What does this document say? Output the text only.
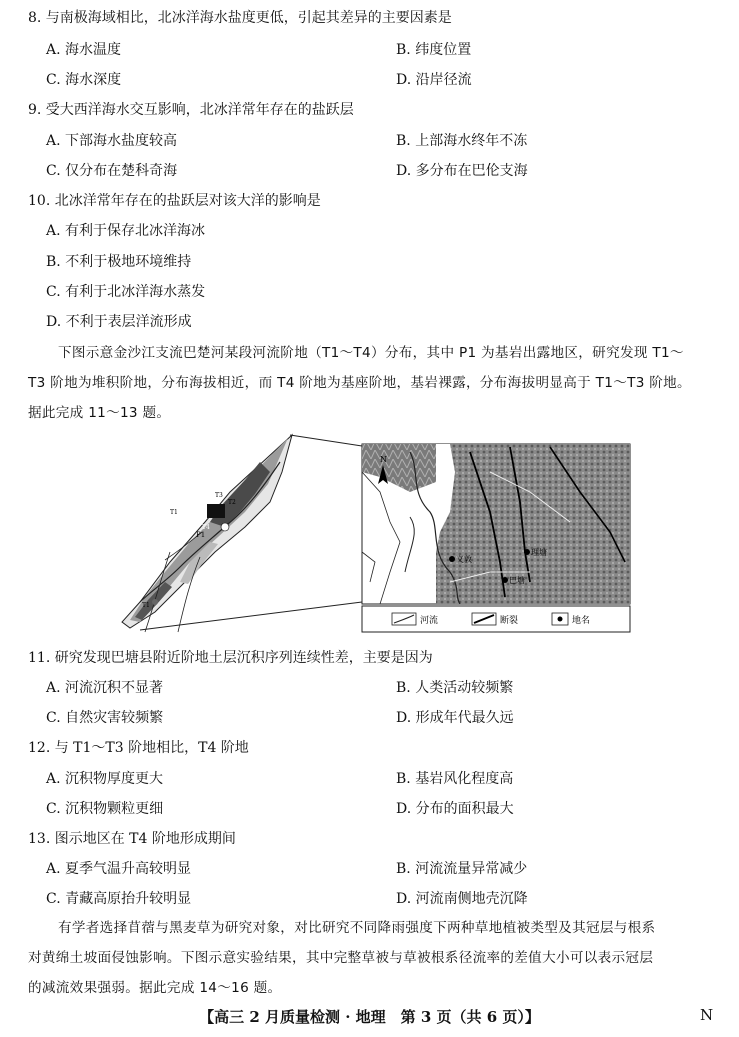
8. 与南极海域相比，北冰洋海水盐度更低，引起其差异的主要因素是
A. 海水温度	B. 纬度位置
C. 海水深度	D. 沿岸径流
9. 受大西洋海水交互影响，北冰洋常年存在的盐跃层
A. 下部海水盐度较高	B. 上部海水终年不冻
C. 仅分布在楚科奇海	D. 多分布在巴伦支海
10. 北冰洋常年存在的盐跃层对该大洋的影响是
A. 有利于保存北冰洋海冰
B. 不利于极地环境维持
C. 有利于北冰洋海水蒸发
D. 不利于表层洋流形成
下图示意金沙江支流巴楚河某段河流阶地（T1～T4）分布，其中 P1 为基岩出露地区，研究发现 T1～
T3 阶地为堆积阶地，分布海拔相近，而 T4 阶地为基座阶地，基岩裸露，分布海拔明显高于 T1～T3 阶地。
据此完成 11～13 题。
T3
T4
T2
T1
P1
T1
义敦
理塘
巴塘
N
河流	断裂	地名
11. 研究发现巴塘县附近阶地土层沉积序列连续性差，主要是因为
A. 河流沉积不显著	B. 人类活动较频繁
C. 自然灾害较频繁	D. 形成年代最久远
12. 与 T1～T3 阶地相比，T4 阶地
A. 沉积物厚度更大	B. 基岩风化程度高
C. 沉积物颗粒更细	D. 分布的面积最大
13. 图示地区在 T4 阶地形成期间
A. 夏季气温升高较明显	B. 河流流量异常减少
C. 青藏高原抬升较明显	D. 河流南侧地壳沉降
有学者选择苜蓿与黑麦草为研究对象，对比研究不同降雨强度下两种草地植被类型及其冠层与根系
对黄绵土坡面侵蚀影响。下图示意实验结果，其中完整草被与草被根系径流率的差值大小可以表示冠层
的减流效果强弱。据此完成 14～16 题。
【高三 2 月质量检测 · 地理　第 3 页（共 6 页）】	N
